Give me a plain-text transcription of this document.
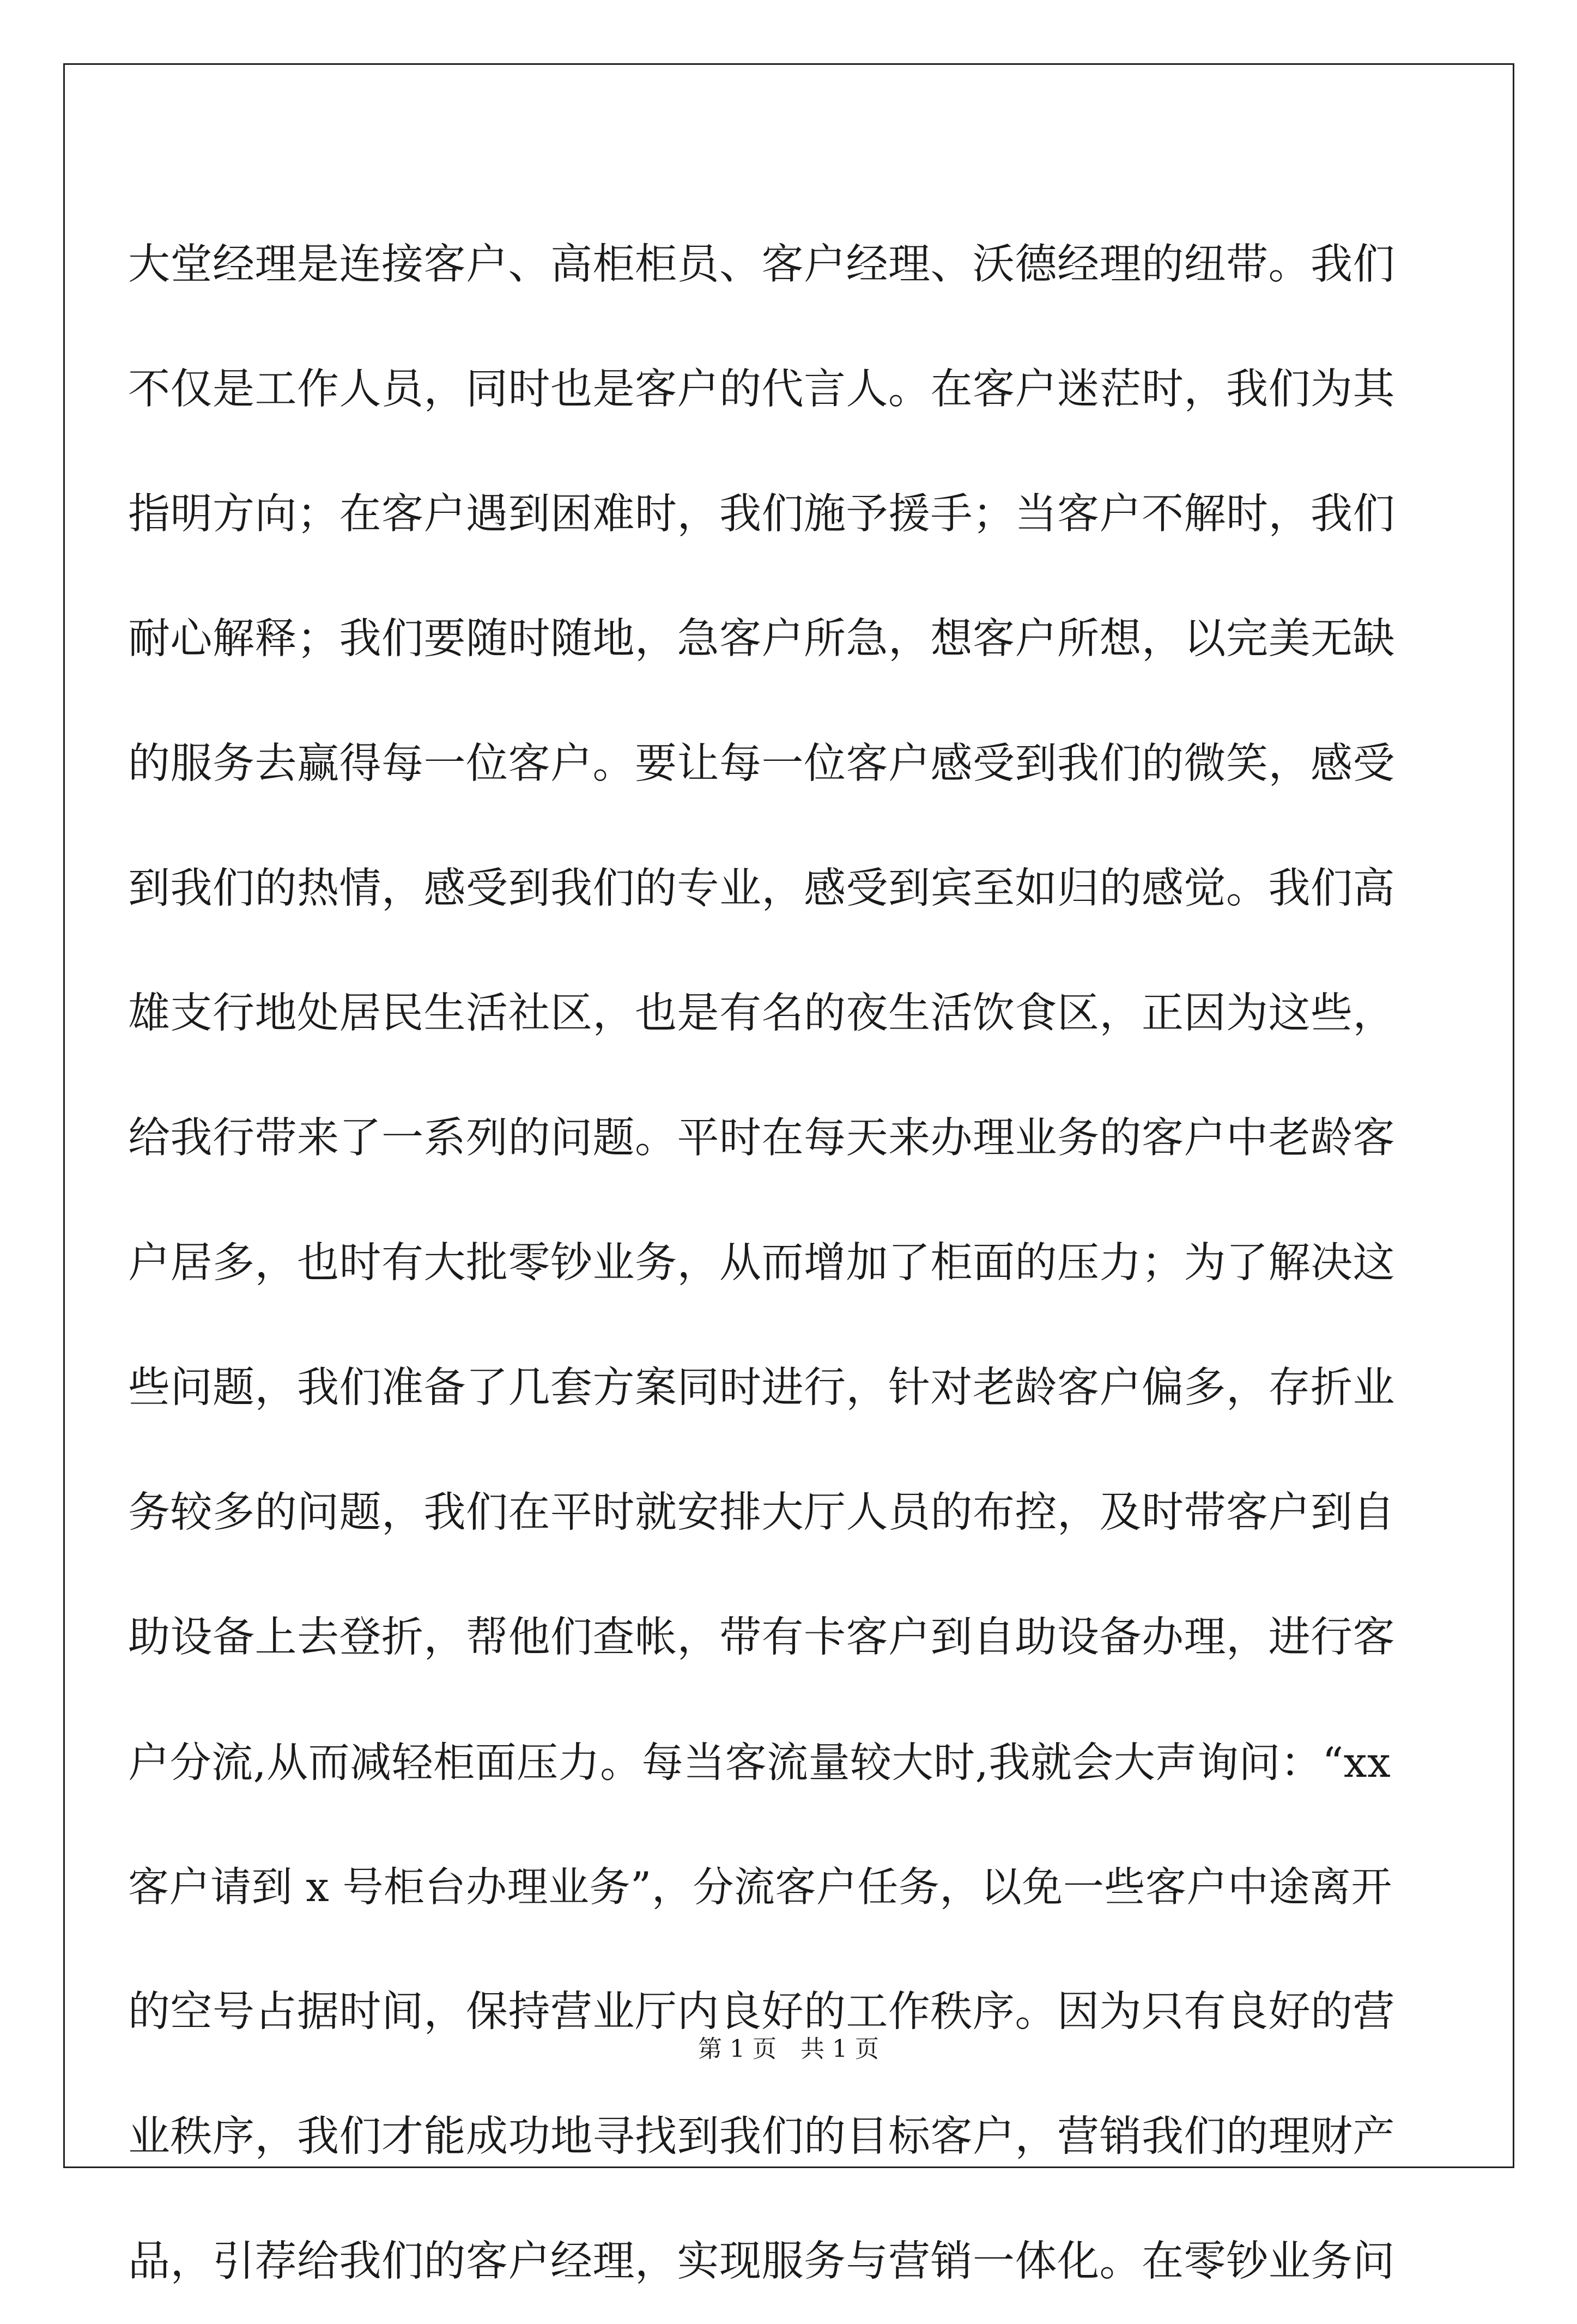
大堂经理是连接客户、高柜柜员、客户经理、沃德经理的纽带。我们
不仅是工作人员，同时也是客户的代言人。在客户迷茫时，我们为其
指明方向；在客户遇到困难时，我们施予援手；当客户不解时，我们
耐心解释；我们要随时随地，急客户所急，想客户所想，以完美无缺
的服务去赢得每一位客户。要让每一位客户感受到我们的微笑，感受
到我们的热情，感受到我们的专业，感受到宾至如归的感觉。我们高
雄支行地处居民生活社区，也是有名的夜生活饮食区，正因为这些，
给我行带来了一系列的问题。平时在每天来办理业务的客户中老龄客
户居多，也时有大批零钞业务，从而增加了柜面的压力；为了解决这
些问题，我们准备了几套方案同时进行，针对老龄客户偏多，存折业
务较多的问题，我们在平时就安排大厅人员的布控，及时带客户到自
助设备上去登折，帮他们查帐，带有卡客户到自助设备办理，进行客
户分流,从而减轻柜面压力。每当客流量较大时,我就会大声询问：“xx
客户请到 x 号柜台办理业务”，分流客户任务，以免一些客户中途离开
的空号占据时间，保持营业厅内良好的工作秩序。因为只有良好的营
业秩序，我们才能成功地寻找到我们的目标客户，营销我们的理财产
品，引荐给我们的客户经理，实现服务与营销一体化。在零钞业务问
第 1 页　共 1 页
